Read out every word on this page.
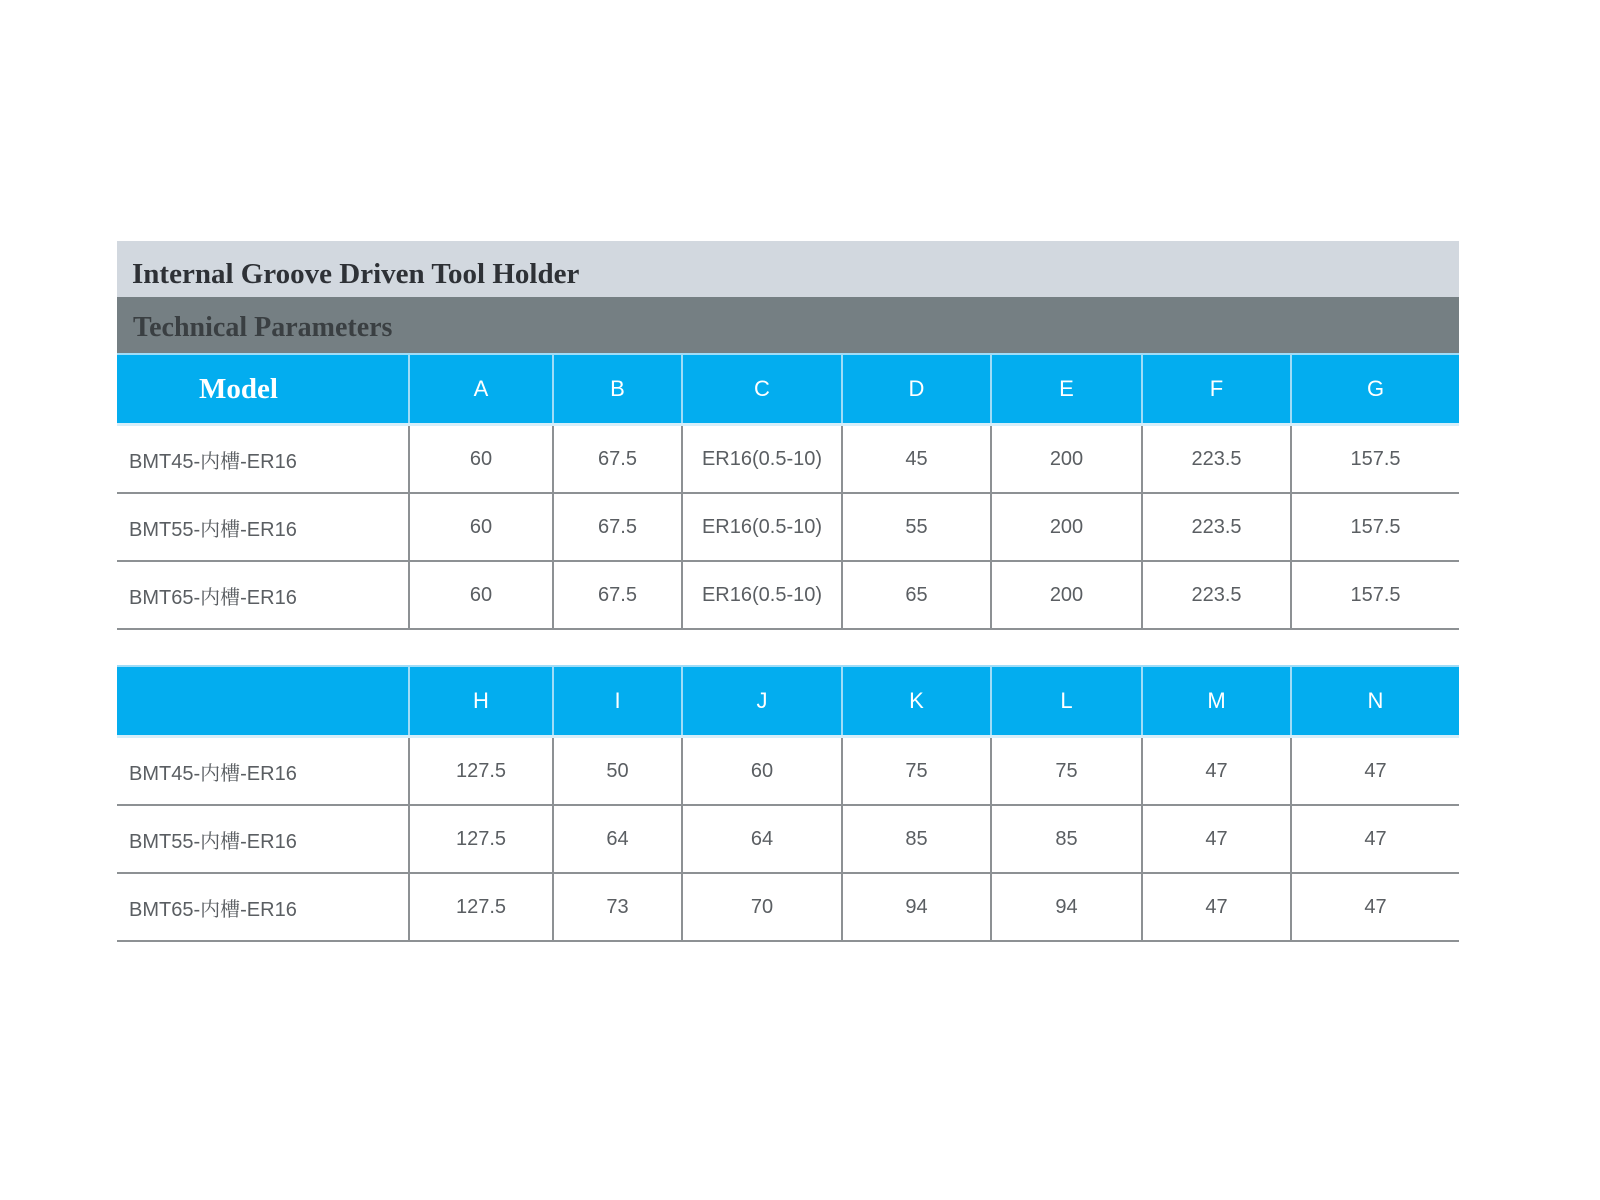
Internal Groove Driven Tool Holder
Technical Parameters
Model	A	B	C	D	E	F	G
BMT45-内槽-ER16	60	67.5	ER16(0.5-10)	45	200	223.5	157.5
BMT55-内槽-ER16	60	67.5	ER16(0.5-10)	55	200	223.5	157.5
BMT65-内槽-ER16	60	67.5	ER16(0.5-10)	65	200	223.5	157.5
	H	I	J	K	L	M	N
BMT45-内槽-ER16	127.5	50	60	75	75	47	47
BMT55-内槽-ER16	127.5	64	64	85	85	47	47
BMT65-内槽-ER16	127.5	73	70	94	94	47	47
